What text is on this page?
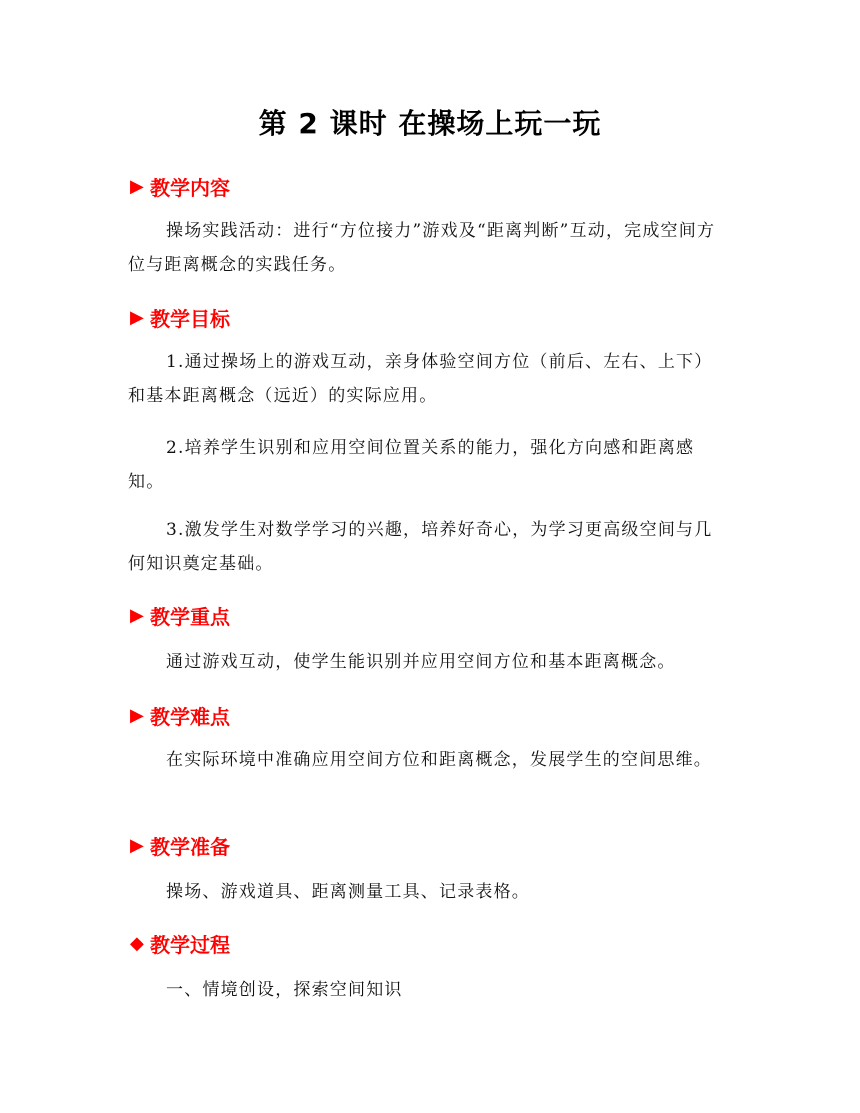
第 2 课时 在操场上玩一玩
▶ 教学内容
操场实践活动：进行“方位接力”游戏及“距离判断”互动，完成空间方位与距离概念的实践任务。
▶ 教学目标
1.通过操场上的游戏互动，亲身体验空间方位（前后、左右、上下）和基本距离概念（远近）的实际应用。
2.培养学生识别和应用空间位置关系的能力，强化方向感和距离感知。
3.激发学生对数学学习的兴趣，培养好奇心，为学习更高级空间与几何知识奠定基础。
▶ 教学重点
通过游戏互动，使学生能识别并应用空间方位和基本距离概念。
▶ 教学难点
在实际环境中准确应用空间方位和距离概念，发展学生的空间思维。
▶ 教学准备
操场、游戏道具、距离测量工具、记录表格。
◆ 教学过程
一、情境创设，探索空间知识
